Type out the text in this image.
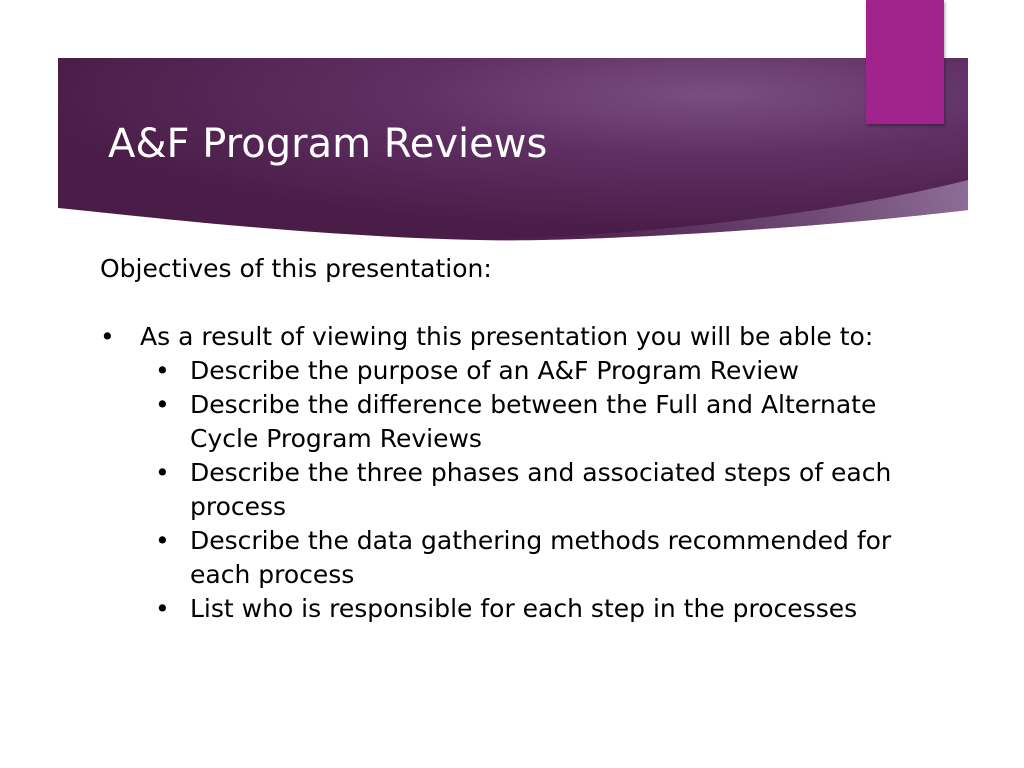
A&F Program Reviews

Objectives of this presentation:

• As a result of viewing this presentation you will be able to:
• Describe the purpose of an A&F Program Review
• Describe the difference between the Full and Alternate Cycle Program Reviews
• Describe the three phases and associated steps of each process
• Describe the data gathering methods recommended for each process
• List who is responsible for each step in the processes
